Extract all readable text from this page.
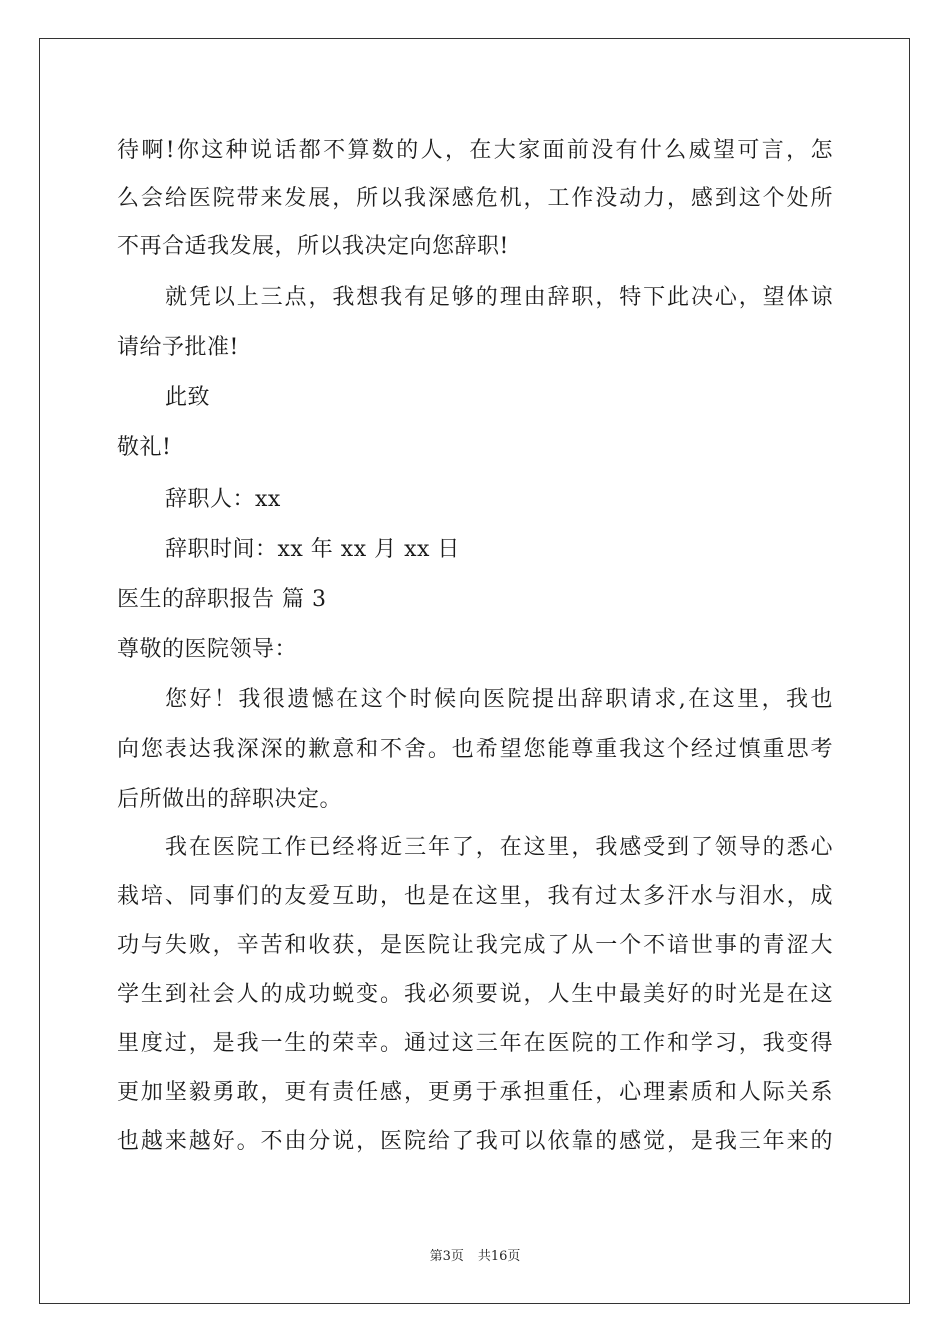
待啊!你这种说话都不算数的人，在大家面前没有什么威望可言，怎
么会给医院带来发展，所以我深感危机，工作没动力，感到这个处所
不再合适我发展，所以我决定向您辞职!
就凭以上三点，我想我有足够的理由辞职，特下此决心，望体谅
请给予批准!
此致
敬礼!
辞职人：xx
辞职时间：xx 年 xx 月 xx 日
医生的辞职报告 篇 3
尊敬的医院领导：
您好！我很遗憾在这个时候向医院提出辞职请求,在这里，我也
向您表达我深深的歉意和不舍。也希望您能尊重我这个经过慎重思考
后所做出的辞职决定。
我在医院工作已经将近三年了，在这里，我感受到了领导的悉心
栽培、同事们的友爱互助，也是在这里，我有过太多汗水与泪水，成
功与失败，辛苦和收获，是医院让我完成了从一个不谙世事的青涩大
学生到社会人的成功蜕变。我必须要说，人生中最美好的时光是在这
里度过，是我一生的荣幸。通过这三年在医院的工作和学习，我变得
更加坚毅勇敢，更有责任感，更勇于承担重任，心理素质和人际关系
也越来越好。不由分说，医院给了我可以依靠的感觉，是我三年来的
第3页 共16页
